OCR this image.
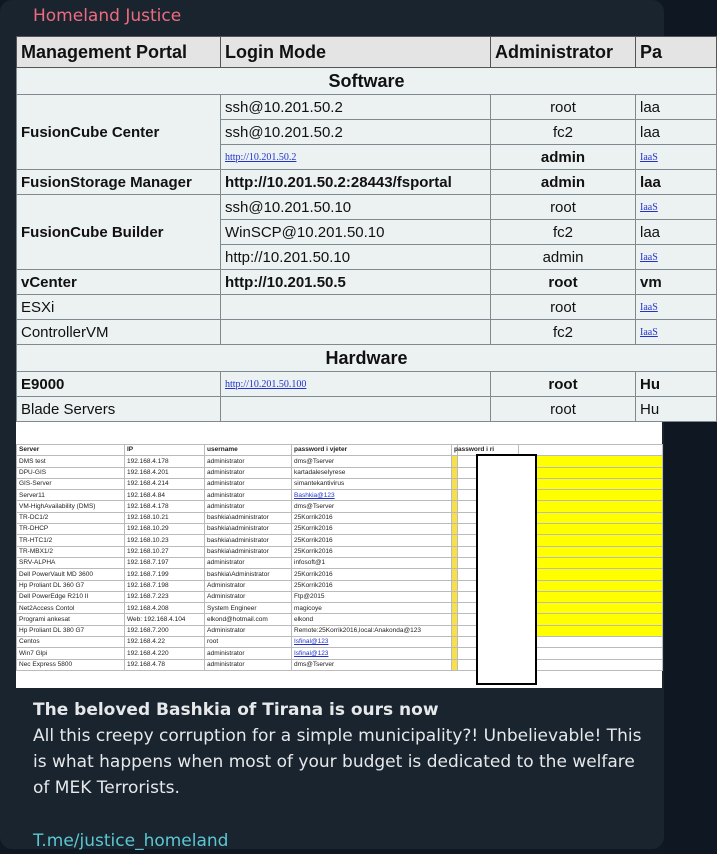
Homeland Justice
Management Portal	Login Mode	Administrator	Pa
Software			
FusionCube Center	ssh@10.201.50.2	root	laa
	ssh@10.201.50.2	fc2	laa
	http://10.201.50.2	admin	IaaS
FusionStorage Manager	http://10.201.50.2:28443/fsportal	admin	laa
FusionCube Builder	ssh@10.201.50.10	root	IaaS
	WinSCP@10.201.50.10	fc2	laa
	http://10.201.50.10	admin	IaaS
vCenter	http://10.201.50.5	root	vm
ESXi		root	IaaS
ControllerVM		fc2	IaaS
Hardware			
E9000	http://10.201.50.100	root	Hu
Blade Servers		root	Hu
Server	IP	username	password i vjeter	password i ri		
DMS test	192.168.4.178	administrator	dms@Tserver			
DPU-GIS	192.168.4.201	administrator	kartadaleseIyrese			
GIS-Server	192.168.4.214	administrator	simantekantivirus			
Server11	192.168.4.84	administrator	Bashkia@123			
VM-HighAvailability (DMS)	192.168.4.178	administrator	dms@Tserver			
TR-DC1/2	192.168.10.21	bashkia\administrator	25Korrik2016			
TR-DHCP	192.168.10.29	bashkia\administrator	25Korrik2016			
TR-HTC1/2	192.168.10.23	bashkia\administrator	25Korrik2016			
TR-MBX1/2	192.168.10.27	bashkia\administrator	25Korrik2016			
SRV-ALPHA	192.168.7.197	administrator	infosoft@1			
Dell PowerVault MD 3600	192.168.7.199	bashkia\Administrator	25Korrik2016			
Hp Proliant DL 360 G7	192.168.7.198	Administrator	25Korrik2016			
Dell PowerEdge R210 II	192.168.7.223	Administrator	Ftp@2015			
Net2Access Contol	192.168.4.208	System Engineer	magicoye			
Programi ankesat	Web: 192.168.4.104	elkond@hotmail.com	elkond			
Hp Proliant DL 380 G7	192.168.7.200	Administrator	Remote:25Korrik2016,local:Anakonda@123			
Centos	192.168.4.22	root	Isfinal@123			
Win7 Glpi	192.168.4.220	administrator	Isfinal@123			
Nec Express 5800	192.168.4.78	administrator	dms@Tserver			
The beloved Bashkia of Tirana is ours now
All this creepy corruption for a simple municipality?! Unbelievable! This is what happens when most of your budget is dedicated to the welfare of MEK Terrorists.
T.me/justice_homeland
